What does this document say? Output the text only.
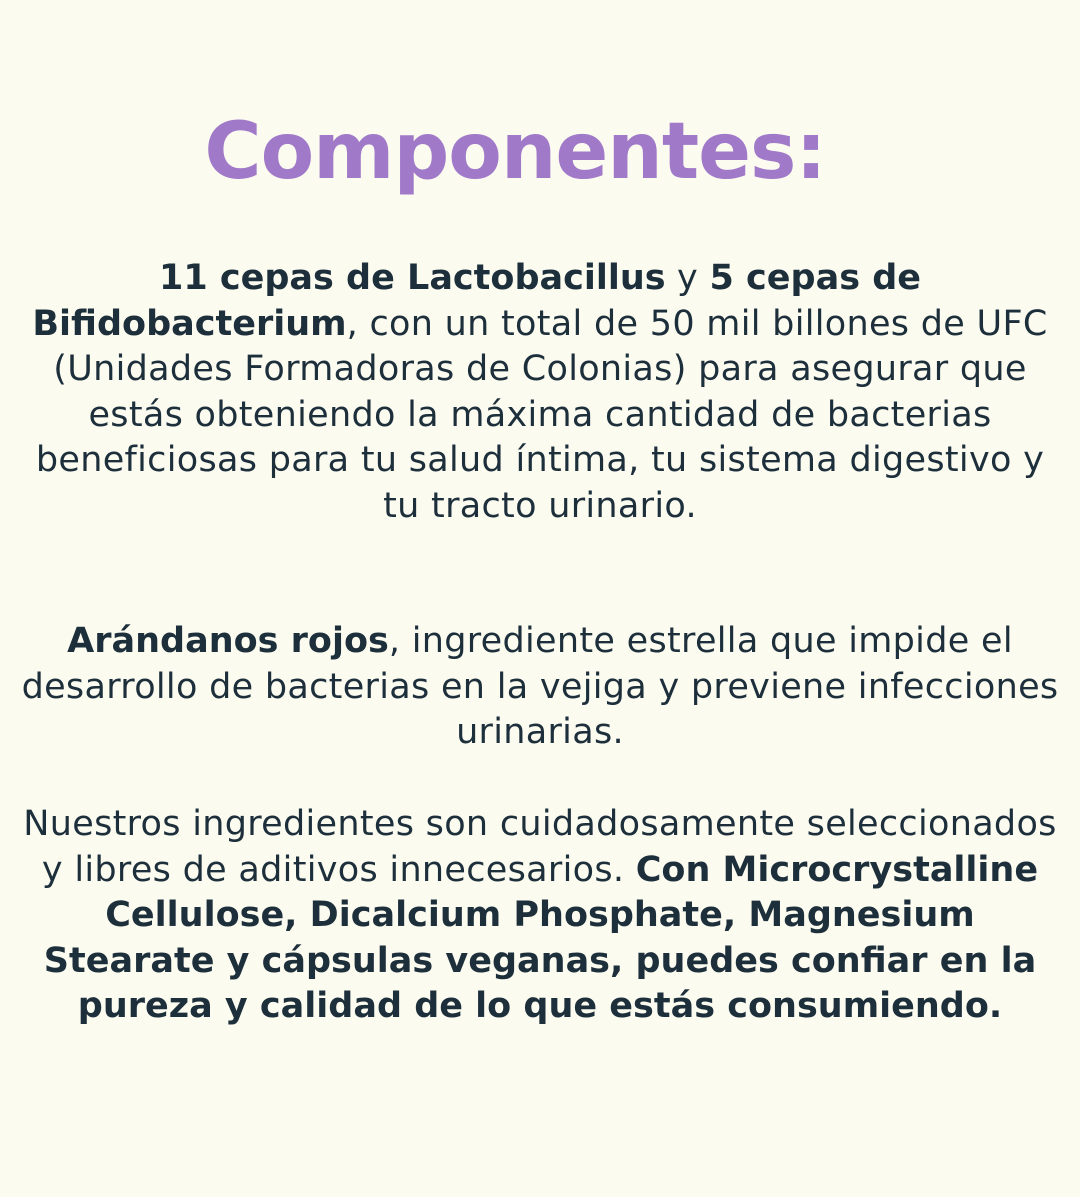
Componentes:

11 cepas de Lactobacillus y 5 cepas de Bifidobacterium, con un total de 50 mil billones de UFC (Unidades Formadoras de Colonias) para asegurar que estás obteniendo la máxima cantidad de bacterias beneficiosas para tu salud íntima, tu sistema digestivo y tu tracto urinario.

Arándanos rojos, ingrediente estrella que impide el desarrollo de bacterias en la vejiga y previene infecciones urinarias.

Nuestros ingredientes son cuidadosamente seleccionados y libres de aditivos innecesarios. Con Microcrystalline Cellulose, Dicalcium Phosphate, Magnesium Stearate y cápsulas veganas, puedes confiar en la pureza y calidad de lo que estás consumiendo.
